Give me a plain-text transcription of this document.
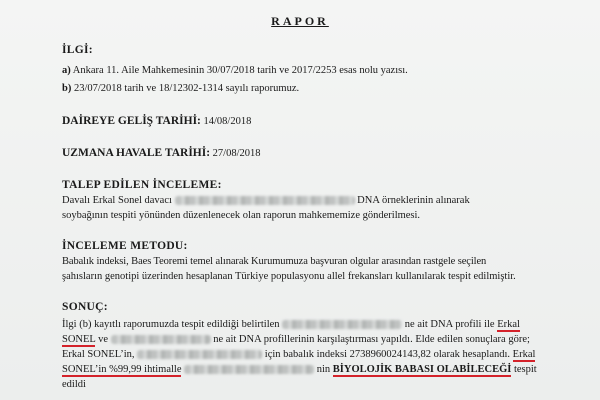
RAPOR
İLGİ:
a) Ankara 11. Aile Mahkemesinin 30/07/2018 tarih ve 2017/2253 esas nolu yazısı.
b) 23/07/2018 tarih ve 18/12302-1314 sayılı raporumuz.
DAİREYE GELİŞ TARİHİ: 14/08/2018
UZMANA HAVALE TARİHİ: 27/08/2018
TALEP EDİLEN İNCELEME:
Davalı Erkal Sonel davacı	DNA örneklerinin alınarak
soybağının tespiti yönünden düzenlenecek olan raporun mahkememize gönderilmesi.
İNCELEME METODU:
Babalık indeksi, Baes Teoremi temel alınarak Kurumumuza başvuran olgular arasından rastgele seçilen
şahısların genotipi üzerinden hesaplanan Türkiye populasyonu allel frekansları kullanılarak tespit edilmiştir.
SONUÇ:
İlgi (b) kayıtlı raporumuzda tespit edildiği belirtilen	ne ait DNA profili ile Erkal
SONEL ve	ne ait DNA profillerinin karşılaştırması yapıldı. Elde edilen sonuçlara göre;
Erkal SONEL’in,	için babalık indeksi 2738960024143,82 olarak hesaplandı. Erkal
SONEL’in %99,99 ihtimalle	nin BİYOLOJİK BABASI OLABİLECEĞİ tespit
edildi
